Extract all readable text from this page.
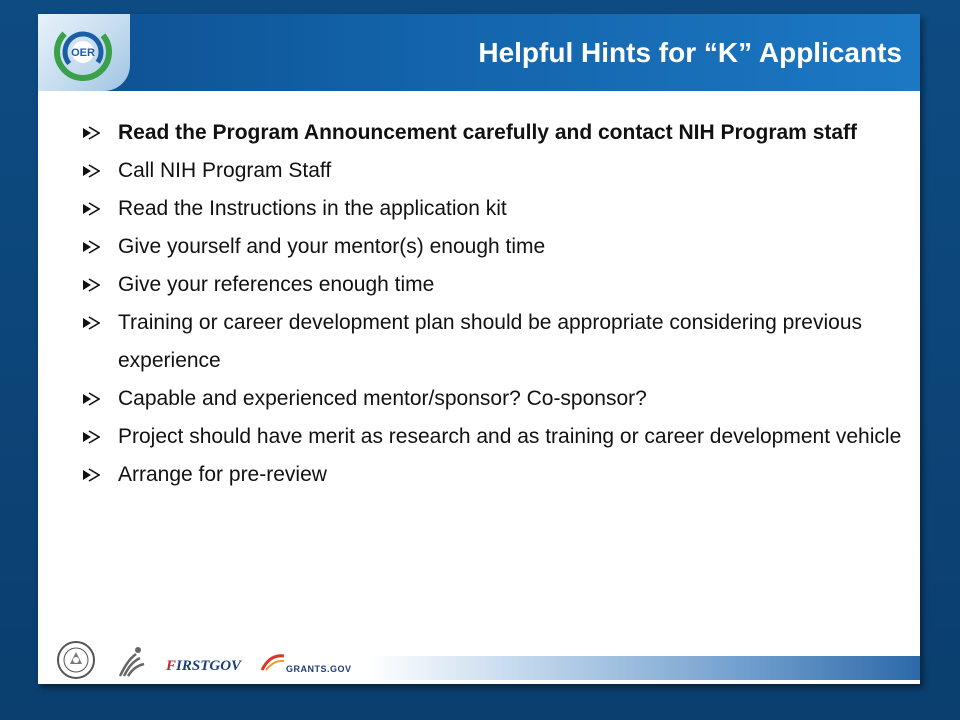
OER	Helpful Hints for “K” Applicants
Read the Program Announcement carefully and contact NIH Program staff
Call NIH Program Staff
Read the Instructions in the application kit
Give yourself and your mentor(s) enough time
Give your references enough time
Training or career development plan should be appropriate considering previous experience
Capable and experienced mentor/sponsor? Co-sponsor?
Project should have merit as research and as training or career development vehicle
Arrange for pre-review
FIRSTGOV	GRANTS.GOV
